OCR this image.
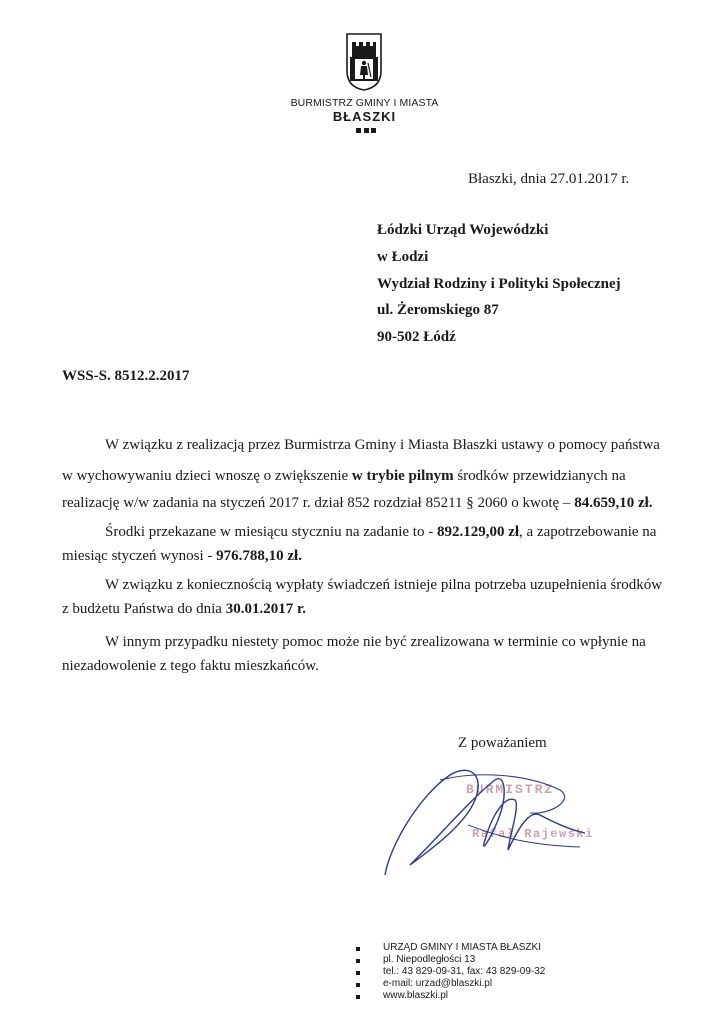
BURMISTRZ GMINY I MIASTA
BŁASZKI
Błaszki, dnia 27.01.2017 r.
Łódzki Urząd Wojewódzki
w Łodzi
Wydział Rodziny i Polityki Społecznej
ul. Żeromskiego 87
90-502 Łódź
WSS-S. 8512.2.2017
W związku z realizacją przez Burmistrza Gminy i Miasta Błaszki ustawy o pomocy państwa
w wychowywaniu dzieci wnoszę o zwiększenie w trybie pilnym środków przewidzianych na
realizację w/w zadania na styczeń 2017 r. dział 852 rozdział 85211 § 2060 o kwotę – 84.659,10 zł.
Środki przekazane w miesiącu styczniu na zadanie to - 892.129,00 zł, a zapotrzebowanie na
miesiąc styczeń wynosi - 976.788,10 zł.
W związku z koniecznością wypłaty świadczeń istnieje pilna potrzeba uzupełnienia środków
z budżetu Państwa do dnia 30.01.2017 r.
W innym przypadku niestety pomoc może nie być zrealizowana w terminie co wpłynie na
niezadowolenie z tego faktu mieszkańców.
Z poważaniem
BURMISTRZ
Rafał Rajewski
URZĄD GMINY I MIASTA BŁASZKI
pl. Niepodległości 13
tel.: 43 829-09-31, fax: 43 829-09-32
e-mail: urzad@blaszki.pl
www.blaszki.pl
